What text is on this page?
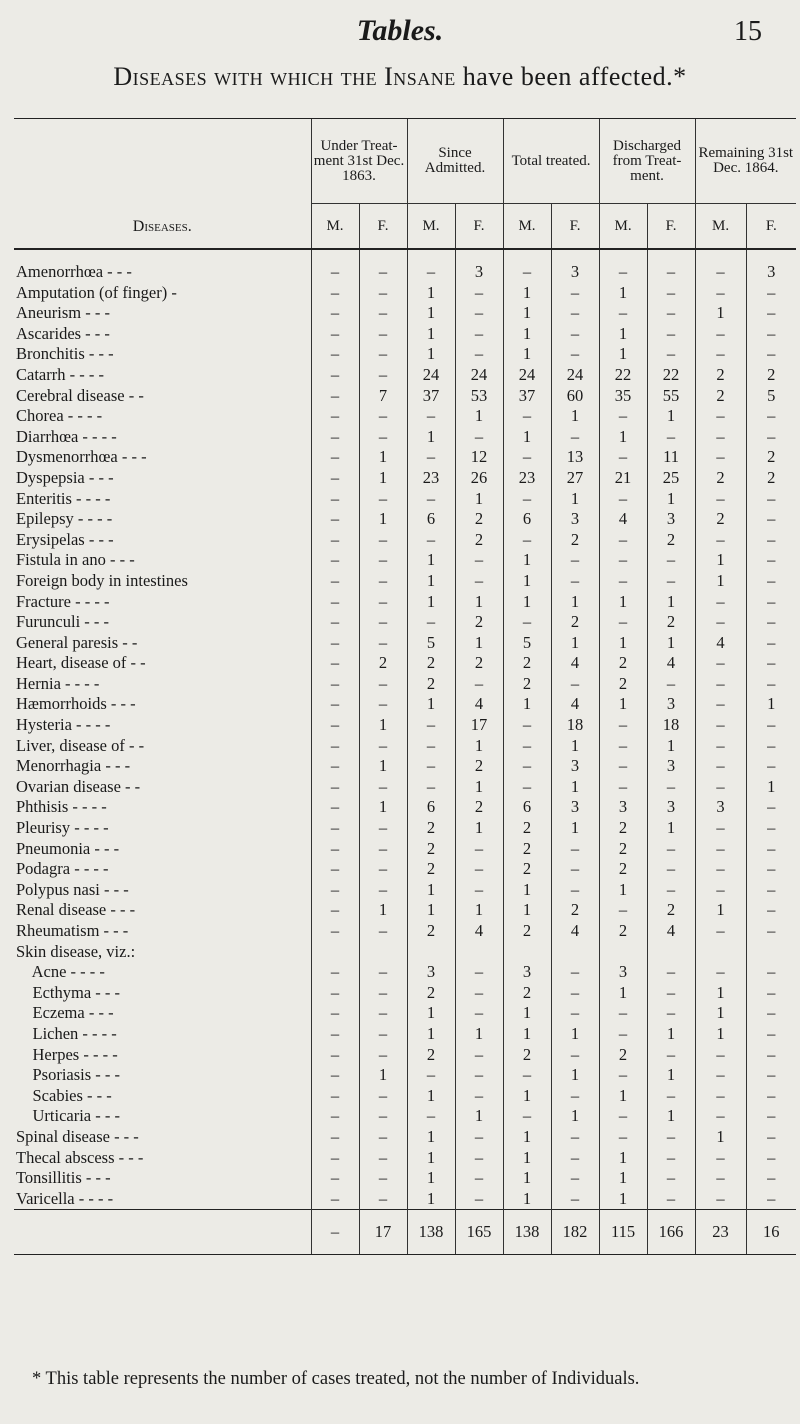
Tables.	15
Diseases with which the Insane have been affected.*
Diseases.	Under Treat-ment 31st Dec. 1863.		Since Admitted.		Total treated.		Discharged from Treat-ment.		Remaining 31st Dec. 1864.	
	M.	F.	M.	F.	M.	F.	M.	F.	M.	F.

Amenorrhœa - - -	–	–	–	3	–	3	–	–	–	3
Amputation (of finger) -	–	–	1	–	1	–	1	–	–	–
Aneurism - - -	–	–	1	–	1	–	–	–	1	–
Ascarides - - -	–	–	1	–	1	–	1	–	–	–
Bronchitis - - -	–	–	1	–	1	–	1	–	–	–
Catarrh - - - -	–	–	24	24	24	24	22	22	2	2
Cerebral disease - -	–	7	37	53	37	60	35	55	2	5
Chorea - - - -	–	–	–	1	–	1	–	1	–	–
Diarrhœa - - - -	–	–	1	–	1	–	1	–	–	–
Dysmenorrhœa - - -	–	1	–	12	–	13	–	11	–	2
Dyspepsia - - -	–	1	23	26	23	27	21	25	2	2
Enteritis - - - -	–	–	–	1	–	1	–	1	–	–
Epilepsy - - - -	–	1	6	2	6	3	4	3	2	–
Erysipelas - - -	–	–	–	2	–	2	–	2	–	–
Fistula in ano - - -	–	–	1	–	1	–	–	–	1	–
Foreign body in intestines	–	–	1	–	1	–	–	–	1	–
Fracture - - - -	–	–	1	1	1	1	1	1	–	–
Furunculi - - -	–	–	–	2	–	2	–	2	–	–
General paresis - -	–	–	5	1	5	1	1	1	4	–
Heart, disease of - -	–	2	2	2	2	4	2	4	–	–
Hernia - - - -	–	–	2	–	2	–	2	–	–	–
Hæmorrhoids - - -	–	–	1	4	1	4	1	3	–	1
Hysteria - - - -	–	1	–	17	–	18	–	18	–	–
Liver, disease of - -	–	–	–	1	–	1	–	1	–	–
Menorrhagia - - -	–	1	–	2	–	3	–	3	–	–
Ovarian disease - -	–	–	–	1	–	1	–	–	–	1
Phthisis - - - -	–	1	6	2	6	3	3	3	3	–
Pleurisy - - - -	–	–	2	1	2	1	2	1	–	–
Pneumonia - - -	–	–	2	–	2	–	2	–	–	–
Podagra - - - -	–	–	2	–	2	–	2	–	–	–
Polypus nasi - - -	–	–	1	–	1	–	1	–	–	–
Renal disease - - -	–	1	1	1	1	2	–	2	1	–
Rheumatism - - -	–	–	2	4	2	4	2	4	–	–
Skin disease, viz.:										
Acne - - - -	–	–	3	–	3	–	3	–	–	–
Ecthyma - - -	–	–	2	–	2	–	1	–	1	–
Eczema - - -	–	–	1	–	1	–	–	–	1	–
Lichen - - - -	–	–	1	1	1	1	–	1	1	–
Herpes - - - -	–	–	2	–	2	–	2	–	–	–
Psoriasis - - -	–	1	–	–	–	1	–	1	–	–
Scabies - - -	–	–	1	–	1	–	1	–	–	–
Urticaria - - -	–	–	–	1	–	1	–	1	–	–
Spinal disease - - -	–	–	1	–	1	–	–	–	1	–
Thecal abscess - - -	–	–	1	–	1	–	1	–	–	–
Tonsillitis - - -	–	–	1	–	1	–	1	–	–	–
Varicella - - - -	–	–	1	–	1	–	1	–	–	–
	–	17	138	165	138	182	115	166	23	16
* This table represents the number of cases treated, not the number of Individuals.
